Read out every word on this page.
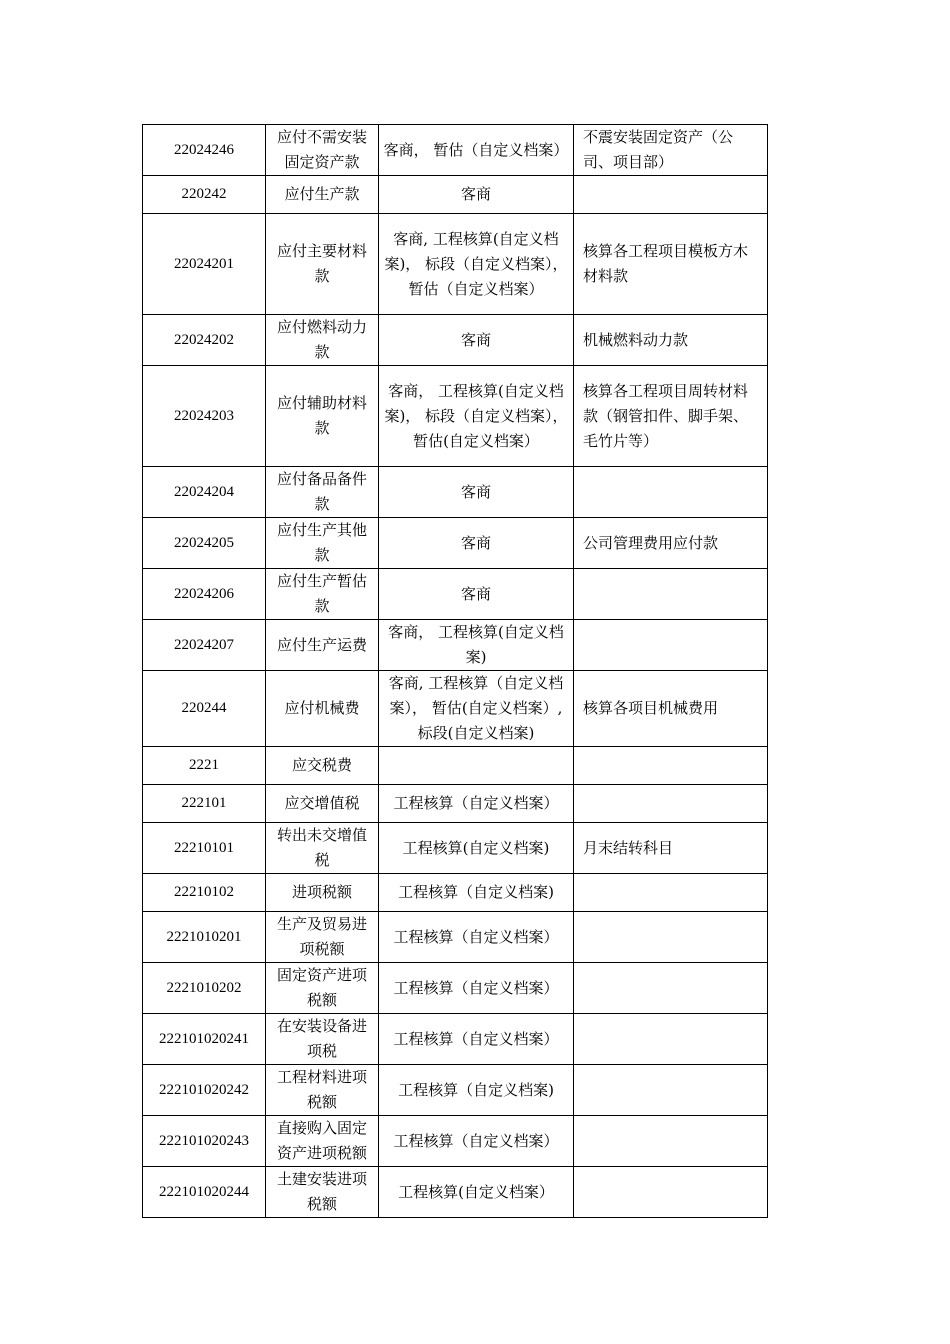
22024246	应付不需安装固定资产款	客商， 暂估（自定义档案）	不震安装固定资产（公司、项目部）
220242	应付生产款	客商	
22024201	应付主要材料款	客商, 工程核算(自定义档案)， 标段（自定义档案）， 暂估（自定义档案）	核算各工程项目模板方木材料款
22024202	应付燃料动力款	客商	机械燃料动力款
22024203	应付辅助材料款	客商， 工程核算(自定义档案)， 标段（自定义档案）， 暂估(自定义档案）	核算各工程项目周转材料款（钢管扣件、脚手架、毛竹片等）
22024204	应付备品备件款	客商	
22024205	应付生产其他款	客商	公司管理费用应付款
22024206	应付生产暂估款	客商	
22024207	应付生产运费	客商， 工程核算(自定义档案)	
220244	应付机械费	客商, 工程核算（自定义档案）， 暂估(自定义档案）, 标段(自定义档案)	核算各项目机械费用
2221	应交税费		
222101	应交增值税	工程核算（自定义档案）	
22210101	转出未交增值税	工程核算(自定义档案)	月末结转科目
22210102	进项税额	工程核算（自定义档案)	
2221010201	生产及贸易进项税额	工程核算（自定义档案）	
2221010202	固定资产进项税额	工程核算（自定义档案）	
222101020241	在安装设备进项税	工程核算（自定义档案）	
222101020242	工程材料进项税额	工程核算（自定义档案)	
222101020243	直接购入固定资产进项税额	工程核算（自定义档案）	
222101020244	土建安装进项税额	工程核算(自定义档案）	
